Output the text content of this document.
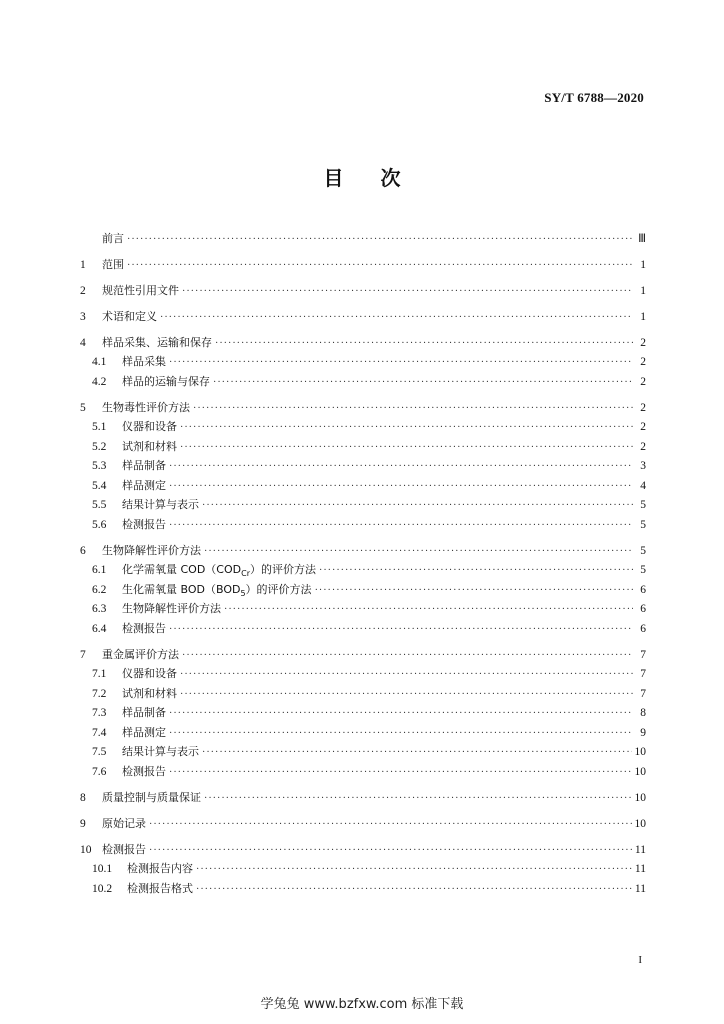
SY/T 6788—2020
目 次
前言 ·····	Ⅲ
1	范围 ·····	1
2	规范性引用文件 ·····	1
3	术语和定义 ·····	1
4	样品采集、运输和保存 ·····	2
4.1	样品采集 ·····	2
4.2	样品的运输与保存 ·····	2
5	生物毒性评价方法 ·····	2
5.1	仪器和设备 ·····	2
5.2	试剂和材料 ·····	2
5.3	样品制备 ·····	3
5.4	样品测定 ·····	4
5.5	结果计算与表示 ·····	5
5.6	检测报告 ·····	5
6	生物降解性评价方法 ·····	5
6.1	化学需氧量 $COD(COD_{Cr})$的评价方法 ·····	5
6.2	生化需氧量 $BOD(BOD_5)$的评价方法 ·····	6
6.3	生物降解性评价方法 ·····	6
6.4	检测报告 ·····	6
7	重金属评价方法 ·····	7
7.1	仪器和设备 ·····	7
7.2	试剂和材料 ·····	7
7.3	样品制备 ·····	8
7.4	样品测定 ·····	9
7.5	结果计算与表示 ·····	10
7.6	检测报告 ·····	10
8	质量控制与质量保证 ·····	10
9	原始记录 ·····	10
10 检测报告 ·····	11
10.1	检测报告内容 ·····	11
10.2	检测报告格式 ·····	11
I
学兔兔 www.bzfxw.com 标准下载
